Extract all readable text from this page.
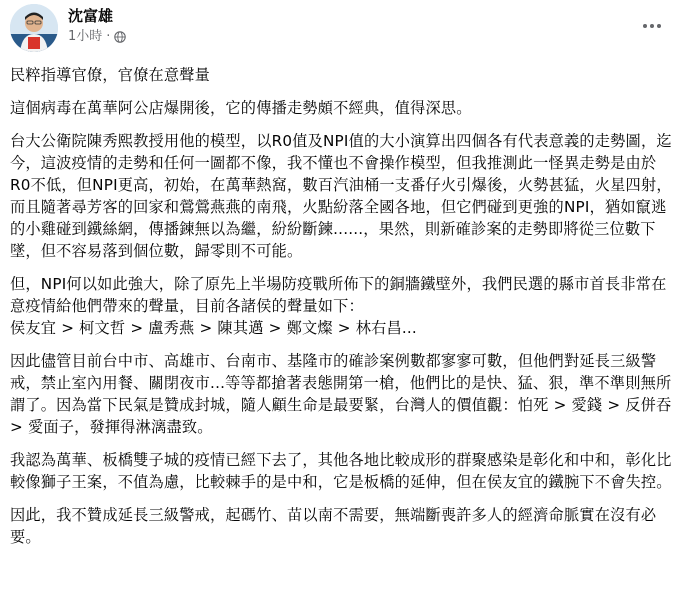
沈富雄
1小時 ·

民粹指導官僚，官僚在意聲量

這個病毒在萬華阿公店爆開後，它的傳播走勢頗不經典，值得深思。

台大公衛院陳秀熙教授用他的模型，以R0值及NPI值的大小演算出四個各有代表意義的走勢圖，迄今，這波疫情的走勢和任何一圖都不像，我不懂也不會操作模型，但我推測此一怪異走勢是由於R0不低，但NPI更高，初始，在萬華熱窩，數百汽油桶一支番仔火引爆後，火勢甚猛，火星四射，而且隨著尋芳客的回家和鶯鶯燕燕的南飛，火點紛落全國各地，但它們碰到更強的NPI，猶如竄逃的小雞碰到鐵絲網，傳播鍊無以為繼，紛紛斷鍊......，果然，則新確診案的走勢即將從三位數下墜，但不容易落到個位數，歸零則不可能。

但，NPI何以如此強大，除了原先上半場防疫戰所佈下的銅牆鐵壁外，我們民選的縣市首長非常在意疫情給他們帶來的聲量，目前各諸侯的聲量如下：
侯友宜 > 柯文哲 > 盧秀燕 > 陳其邁 > 鄭文燦 > 林右昌...

因此儘管目前台中市、高雄市、台南市、基隆市的確診案例數都寥寥可數，但他們對延長三級警戒，禁止室內用餐、關閉夜市...等等都搶著表態開第一槍，他們比的是快、猛、狠，準不準則無所謂了。因為當下民氣是贊成封城，隨人顧生命是最要緊，台灣人的價值觀：怕死 > 愛錢 > 反併吞 > 愛面子，發揮得淋漓盡致。

我認為萬華、板橋雙子城的疫情已經下去了，其他各地比較成形的群聚感染是彰化和中和，彰化比較像獅子王案，不值為慮，比較棘手的是中和，它是板橋的延伸，但在侯友宜的鐵腕下不會失控。

因此，我不贊成延長三級警戒，起碼竹、苗以南不需要，無端斷喪許多人的經濟命脈實在沒有必要。
